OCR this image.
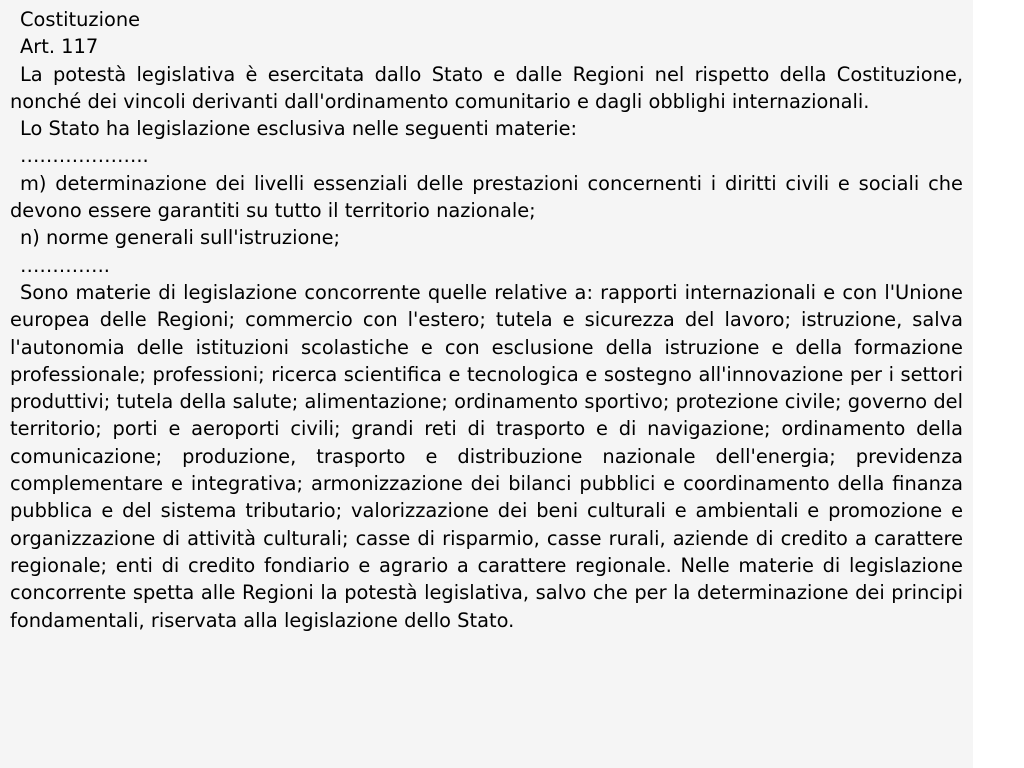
Costituzione

Art. 117

La potestà legislativa è esercitata dallo Stato e dalle Regioni nel rispetto della Costituzione, nonché dei vincoli derivanti dall'ordinamento comunitario e dagli obblighi internazionali.

Lo Stato ha legislazione esclusiva nelle seguenti materie:

………………..

m) determinazione dei livelli essenziali delle prestazioni concernenti i diritti civili e sociali che devono essere garantiti su tutto il territorio nazionale;

n) norme generali sull'istruzione;

…………..

Sono materie di legislazione concorrente quelle relative a: rapporti internazionali e con l'Unione europea delle Regioni; commercio con l'estero; tutela e sicurezza del lavoro; istruzione, salva l'autonomia delle istituzioni scolastiche e con esclusione della istruzione e della formazione professionale; professioni; ricerca scientifica e tecnologica e sostegno all'innovazione per i settori produttivi; tutela della salute; alimentazione; ordinamento sportivo; protezione civile; governo del territorio; porti e aeroporti civili; grandi reti di trasporto e di navigazione; ordinamento della comunicazione; produzione, trasporto e distribuzione nazionale dell'energia; previdenza complementare e integrativa; armonizzazione dei bilanci pubblici e coordinamento della finanza pubblica e del sistema tributario; valorizzazione dei beni culturali e ambientali e promozione e organizzazione di attività culturali; casse di risparmio, casse rurali, aziende di credito a carattere regionale; enti di credito fondiario e agrario a carattere regionale. Nelle materie di legislazione concorrente spetta alle Regioni la potestà legislativa, salvo che per la determinazione dei principi fondamentali, riservata alla legislazione dello Stato.
